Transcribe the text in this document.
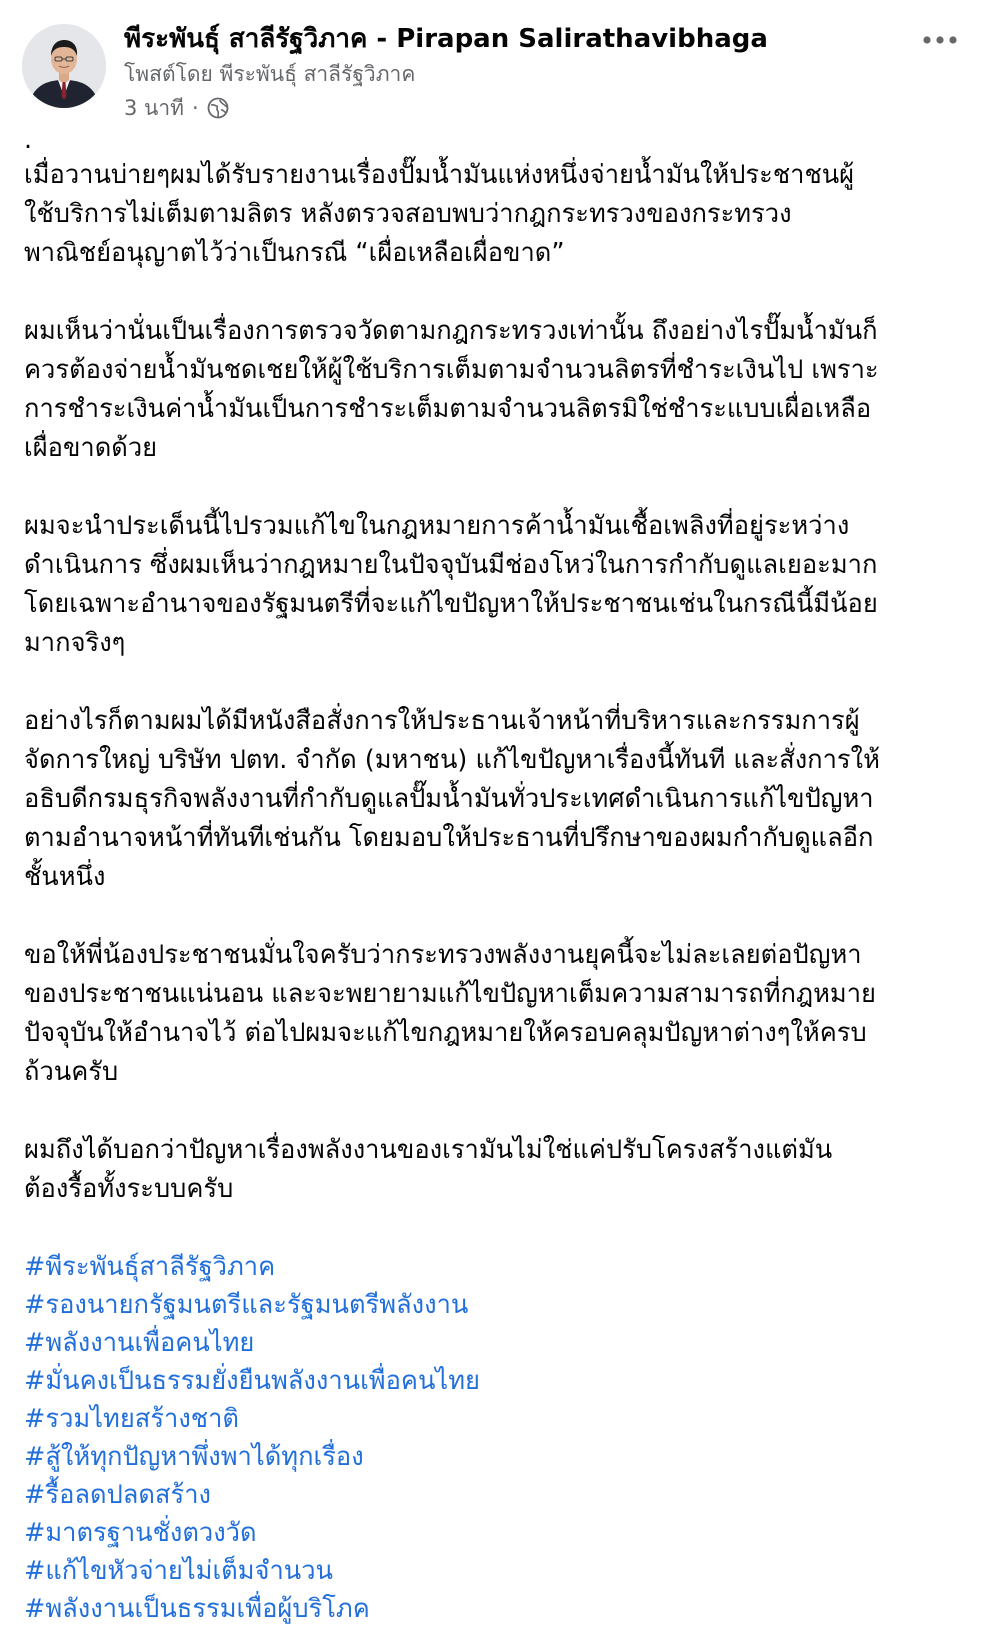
พีระพันธุ์ สาลีรัฐวิภาค - Pirapan Salirathavibhaga
โพสต์โดย พีระพันธุ์ สาลีรัฐวิภาค
3 นาที ·

.

เมื่อวานบ่ายๆผมได้รับรายงานเรื่องปั๊มน้ำมันแห่งหนึ่งจ่ายน้ำมันให้ประชาชนผู้
ใช้บริการไม่เต็มตามลิตร หลังตรวจสอบพบว่ากฎกระทรวงของกระทรวง
พาณิชย์อนุญาตไว้ว่าเป็นกรณี “เผื่อเหลือเผื่อขาด”

ผมเห็นว่านั่นเป็นเรื่องการตรวจวัดตามกฎกระทรวงเท่านั้น ถึงอย่างไรปั๊มน้ำมันก็
ควรต้องจ่ายน้ำมันชดเชยให้ผู้ใช้บริการเต็มตามจำนวนลิตรที่ชำระเงินไป เพราะ
การชำระเงินค่าน้ำมันเป็นการชำระเต็มตามจำนวนลิตรมิใช่ชำระแบบเผื่อเหลือ
เผื่อขาดด้วย

ผมจะนำประเด็นนี้ไปรวมแก้ไขในกฎหมายการค้าน้ำมันเชื้อเพลิงที่อยู่ระหว่าง
ดำเนินการ ซึ่งผมเห็นว่ากฎหมายในปัจจุบันมีช่องโหว่ในการกำกับดูแลเยอะมาก
โดยเฉพาะอำนาจของรัฐมนตรีที่จะแก้ไขปัญหาให้ประชาชนเช่นในกรณีนี้มีน้อย
มากจริงๆ

อย่างไรก็ตามผมได้มีหนังสือสั่งการให้ประธานเจ้าหน้าที่บริหารและกรรมการผู้
จัดการใหญ่ บริษัท ปตท. จำกัด (มหาชน) แก้ไขปัญหาเรื่องนี้ทันที และสั่งการให้
อธิบดีกรมธุรกิจพลังงานที่กำกับดูแลปั๊มน้ำมันทั่วประเทศดำเนินการแก้ไขปัญหา
ตามอำนาจหน้าที่ทันทีเช่นกัน โดยมอบให้ประธานที่ปรึกษาของผมกำกับดูแลอีก
ชั้นหนึ่ง

ขอให้พี่น้องประชาชนมั่นใจครับว่ากระทรวงพลังงานยุคนี้จะไม่ละเลยต่อปัญหา
ของประชาชนแน่นอน และจะพยายามแก้ไขปัญหาเต็มความสามารถที่กฎหมาย
ปัจจุบันให้อำนาจไว้ ต่อไปผมจะแก้ไขกฎหมายให้ครอบคลุมปัญหาต่างๆให้ครบ
ถ้วนครับ

ผมถึงได้บอกว่าปัญหาเรื่องพลังงานของเรามันไม่ใช่แค่ปรับโครงสร้างแต่มัน
ต้องรื้อทั้งระบบครับ

#พีระพันธุ์สาลีรัฐวิภาค
#รองนายกรัฐมนตรีและรัฐมนตรีพลังงาน
#พลังงานเพื่อคนไทย
#มั่นคงเป็นธรรมยั่งยืนพลังงานเพื่อคนไทย
#รวมไทยสร้างชาติ
#สู้ให้ทุกปัญหาพึ่งพาได้ทุกเรื่อง
#รื้อลดปลดสร้าง
#มาตรฐานชั่งตวงวัด
#แก้ไขหัวจ่ายไม่เต็มจำนวน
#พลังงานเป็นธรรมเพื่อผู้บริโภค
